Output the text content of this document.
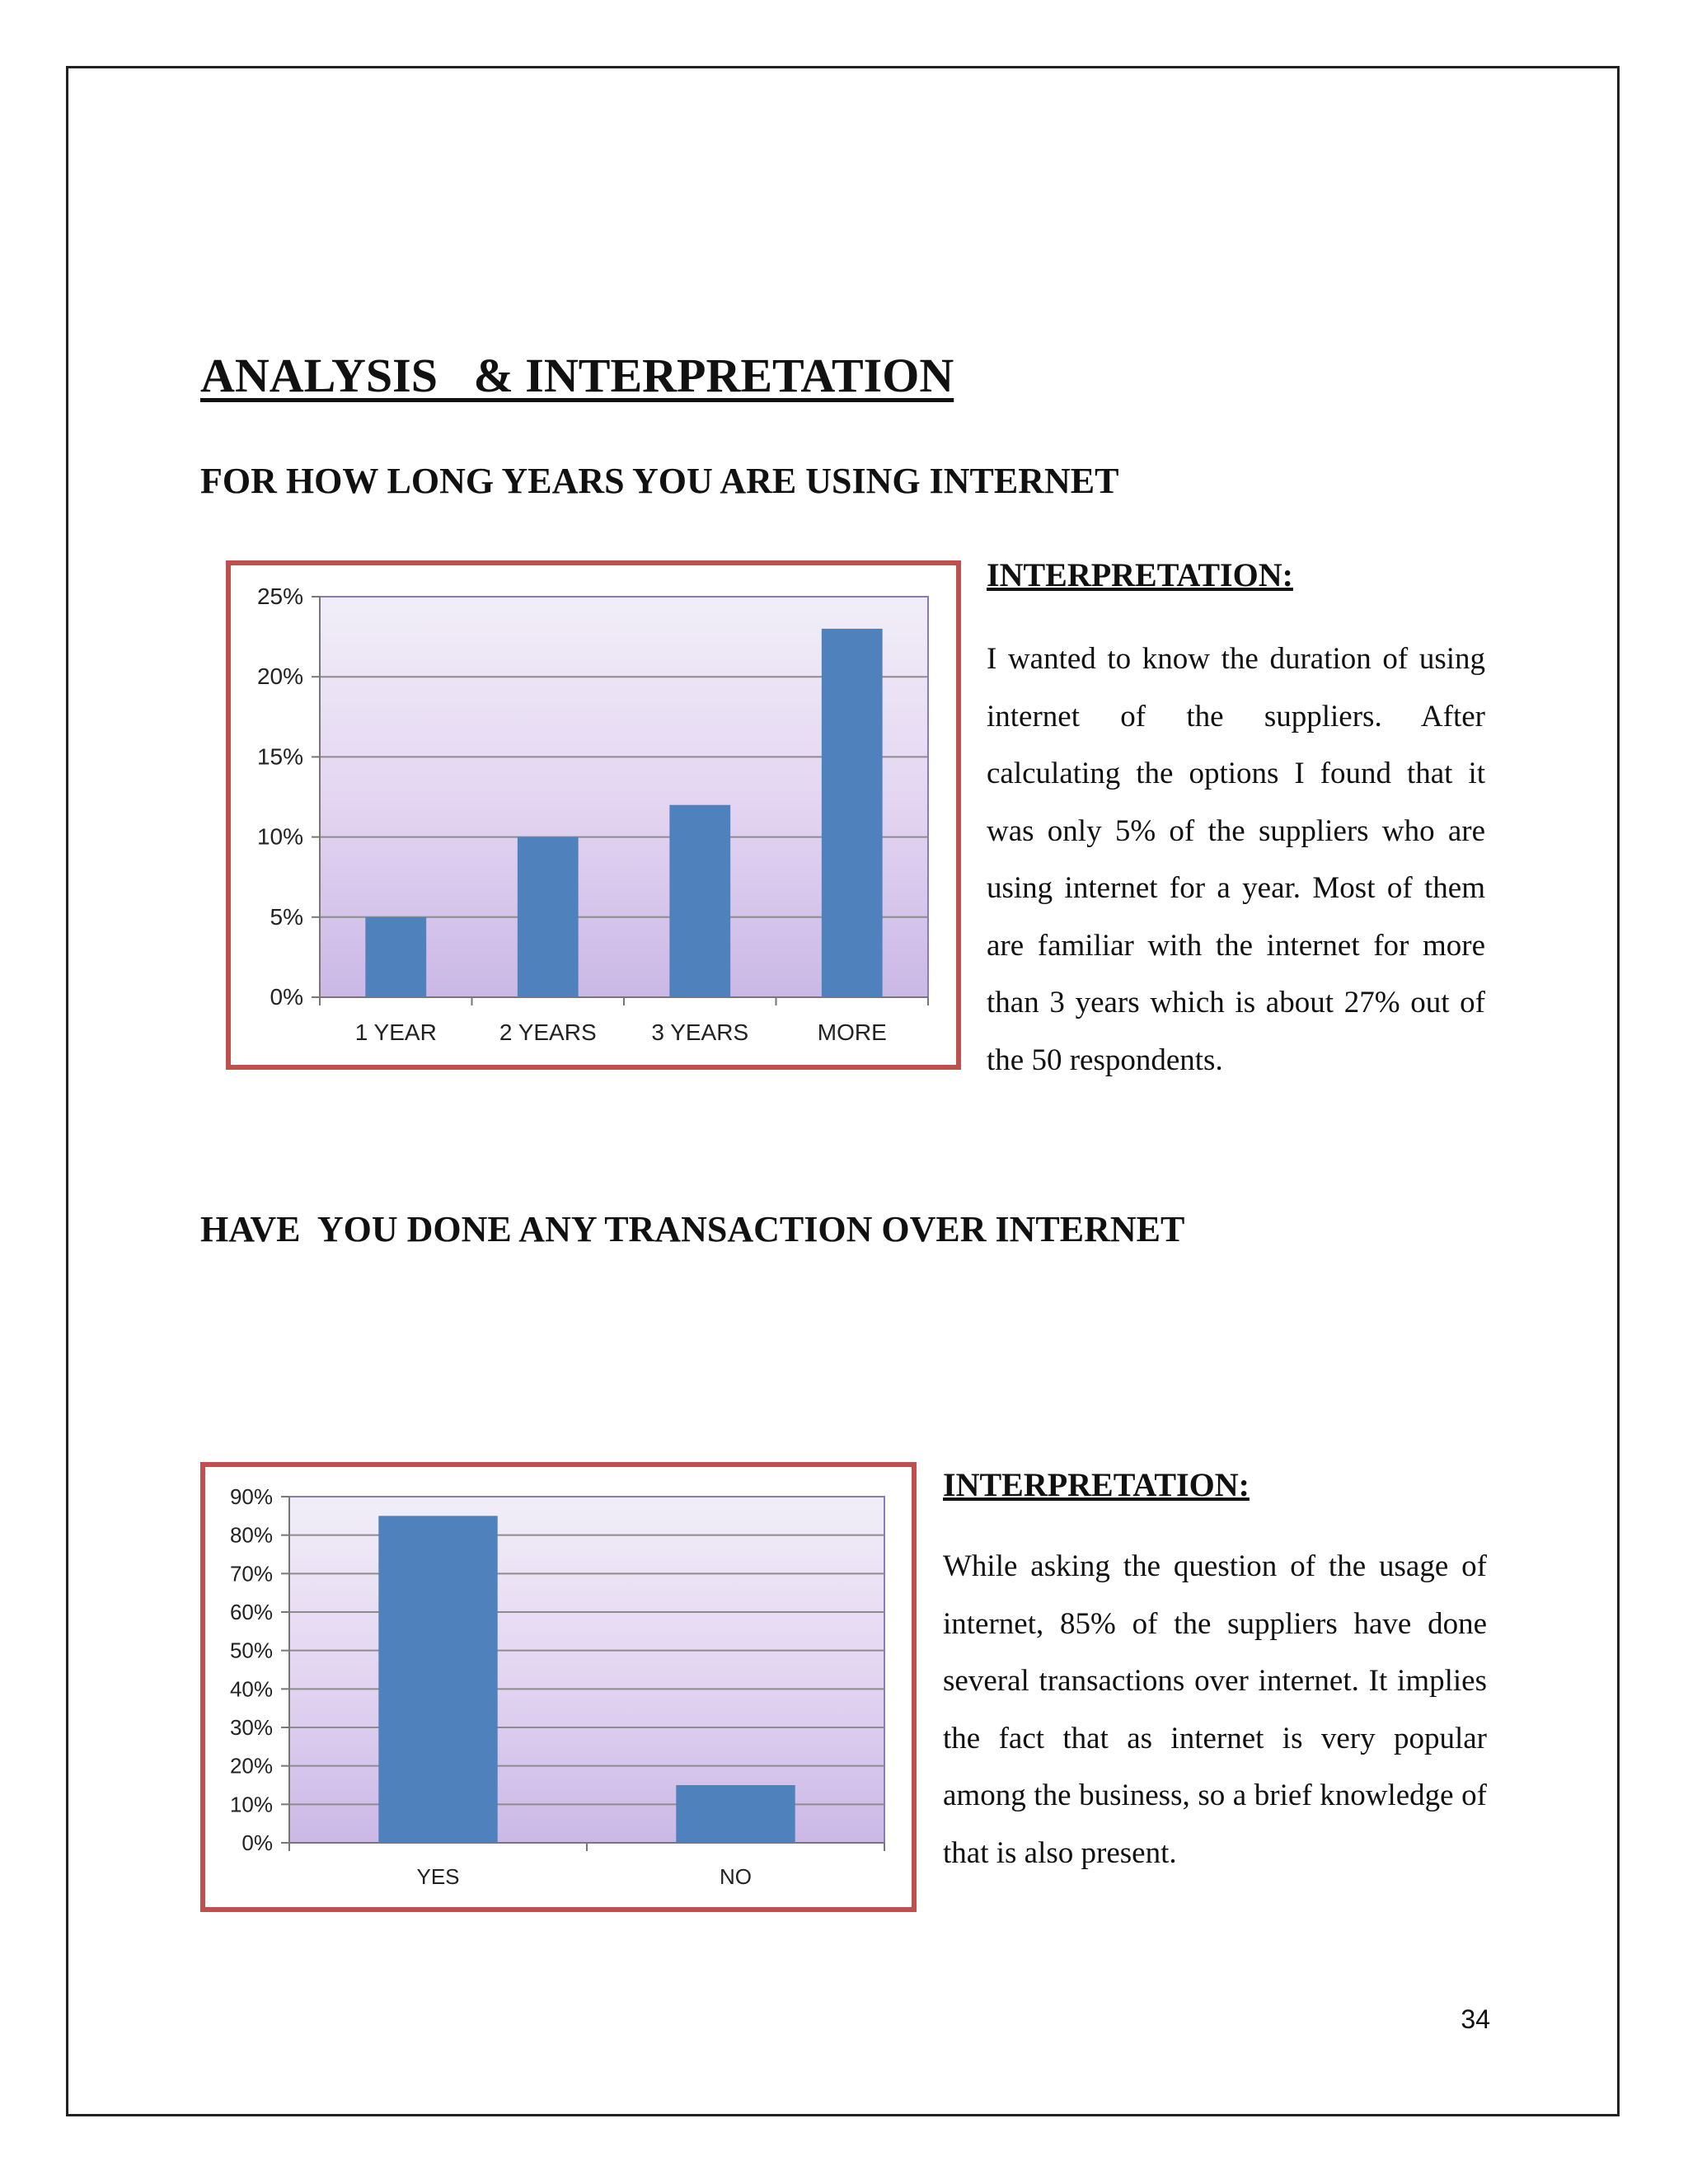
ANALYSIS   & INTERPRETATION
FOR HOW LONG YEARS YOU ARE USING INTERNET
0%
5%
10%
15%
20%
25%
1 YEAR	2 YEARS 3 YEARS	MORE
INTERPRETATION:

I wanted to know the duration of using internet of the suppliers. After calculating the options I found that it was only 5% of the suppliers who are using internet for a year. Most of them are familiar with the internet for more than 3 years which is about 27% out of the 50 respondents.

HAVE  YOU DONE ANY TRANSACTION OVER INTERNET
0%
10%
20%
30%
40%
50%
60%
70%
80%
90%
YES	NO
INTERPRETATION:

While asking the question of the usage of internet, 85% of the suppliers have done several transactions over internet. It implies the fact that as internet is very popular among the business, so a brief knowledge of that is also present.

34
